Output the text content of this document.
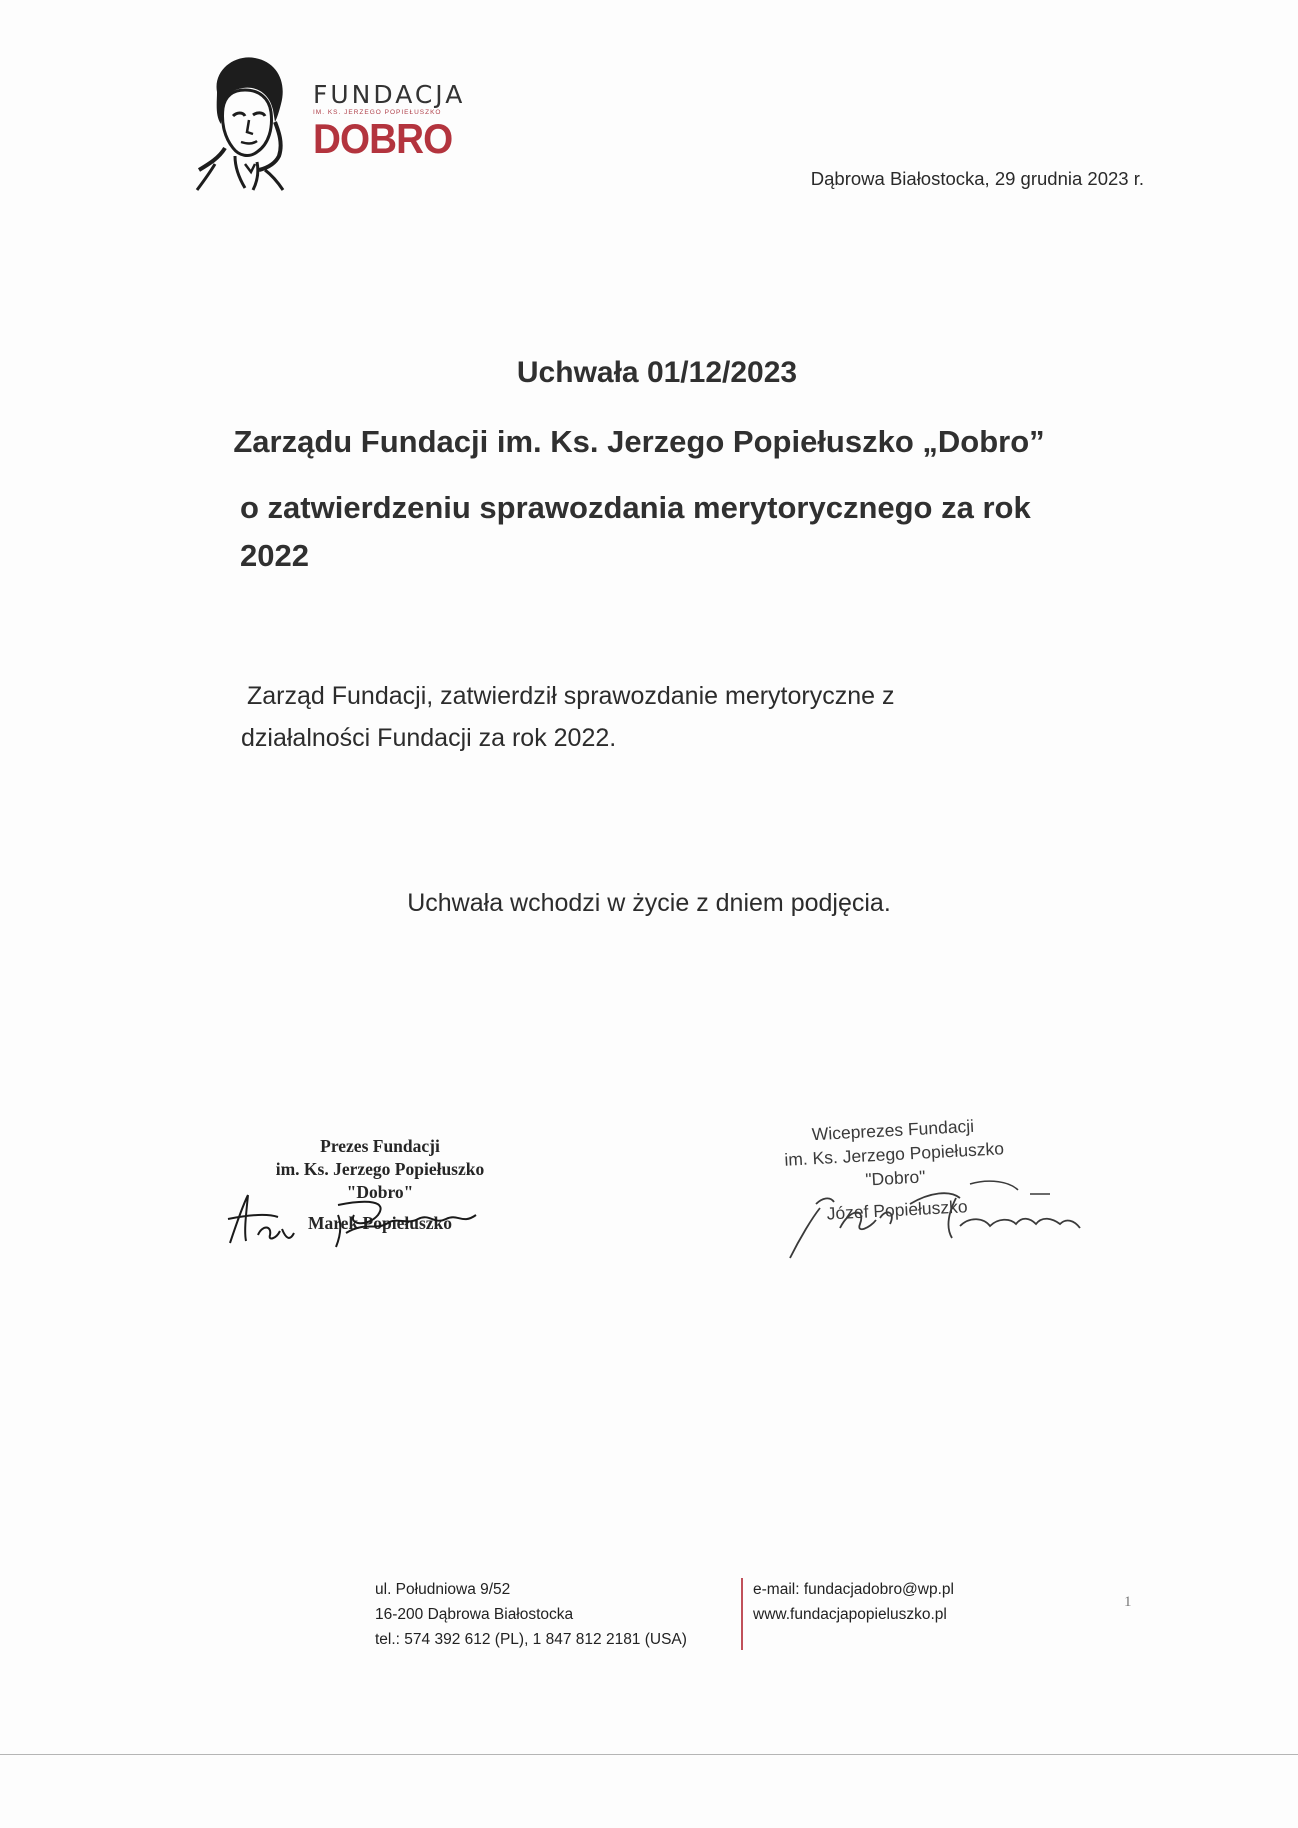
FUNDACJA
IM. KS. JERZEGO POPIEŁUSZKO
DOBRO
Dąbrowa Białostocka, 29 grudnia 2023 r.
Uchwała 01/12/2023
Zarządu Fundacji im. Ks. Jerzego Popiełuszko „Dobro”
o zatwierdzeniu sprawozdania merytorycznego za rok
2022
Zarząd Fundacji, zatwierdził sprawozdanie merytoryczne z
działalności Fundacji za rok 2022.
Uchwała wchodzi w życie z dniem podjęcia.
Prezes Fundacji
im. Ks. Jerzego Popiełuszko
"Dobro"
Marek Popiełuszko
Wiceprezes Fundacji
im. Ks. Jerzego Popiełuszko
"Dobro"
Józef Popiełuszko
ul. Południowa 9/52
16-200 Dąbrowa Białostocka
tel.: 574 392 612 (PL), 1 847 812 2181 (USA)
e-mail: fundacjadobro@wp.pl
www.fundacjapopieluszko.pl
1
